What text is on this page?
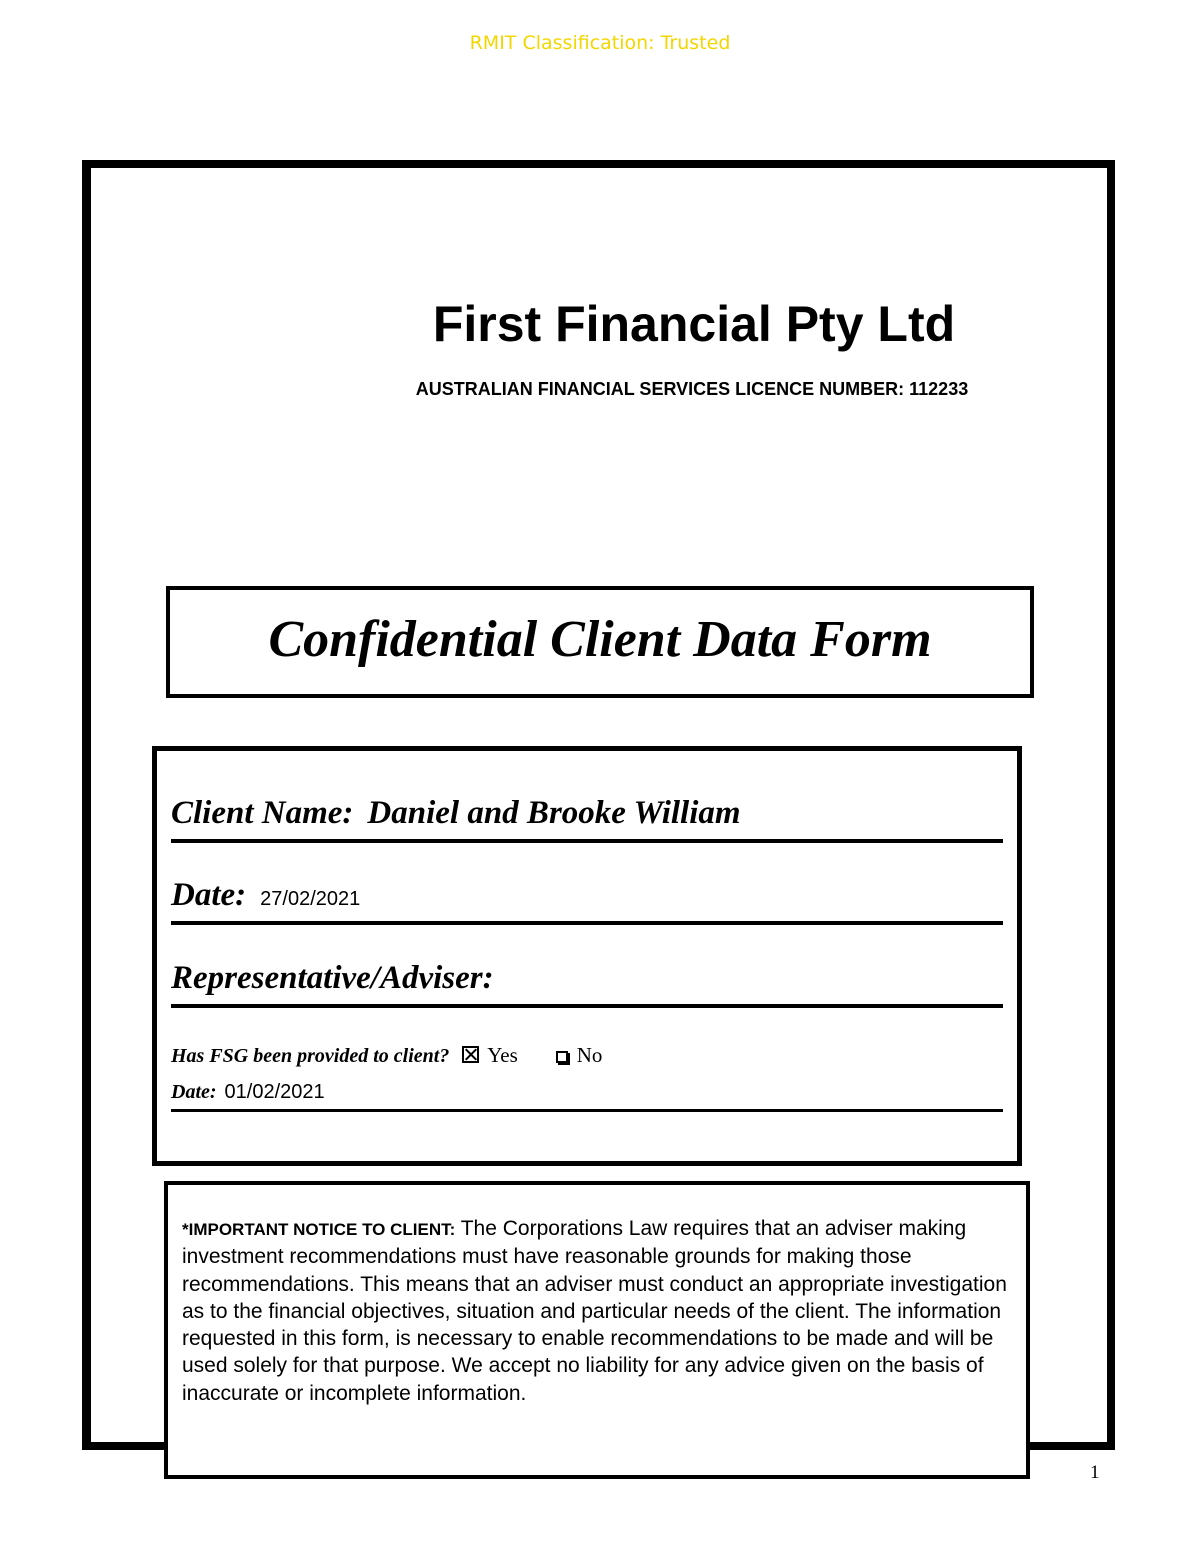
RMIT Classification: Trusted
First Financial Pty Ltd
AUSTRALIAN FINANCIAL SERVICES LICENCE NUMBER: 112233
Confidential Client Data Form
Client Name: Daniel and Brooke William
Date: 27/02/2021
Representative/Adviser:
Has FSG been provided to client? Yes	No
Date: 01/02/2021
*IMPORTANT NOTICE TO CLIENT: The Corporations Law requires that an adviser making investment recommendations must have reasonable grounds for making those recommendations. This means that an adviser must conduct an appropriate investigation as to the financial objectives, situation and particular needs of the client. The information requested in this form, is necessary to enable recommendations to be made and will be used solely for that purpose. We accept no liability for any advice given on the basis of inaccurate or incomplete information.
1
